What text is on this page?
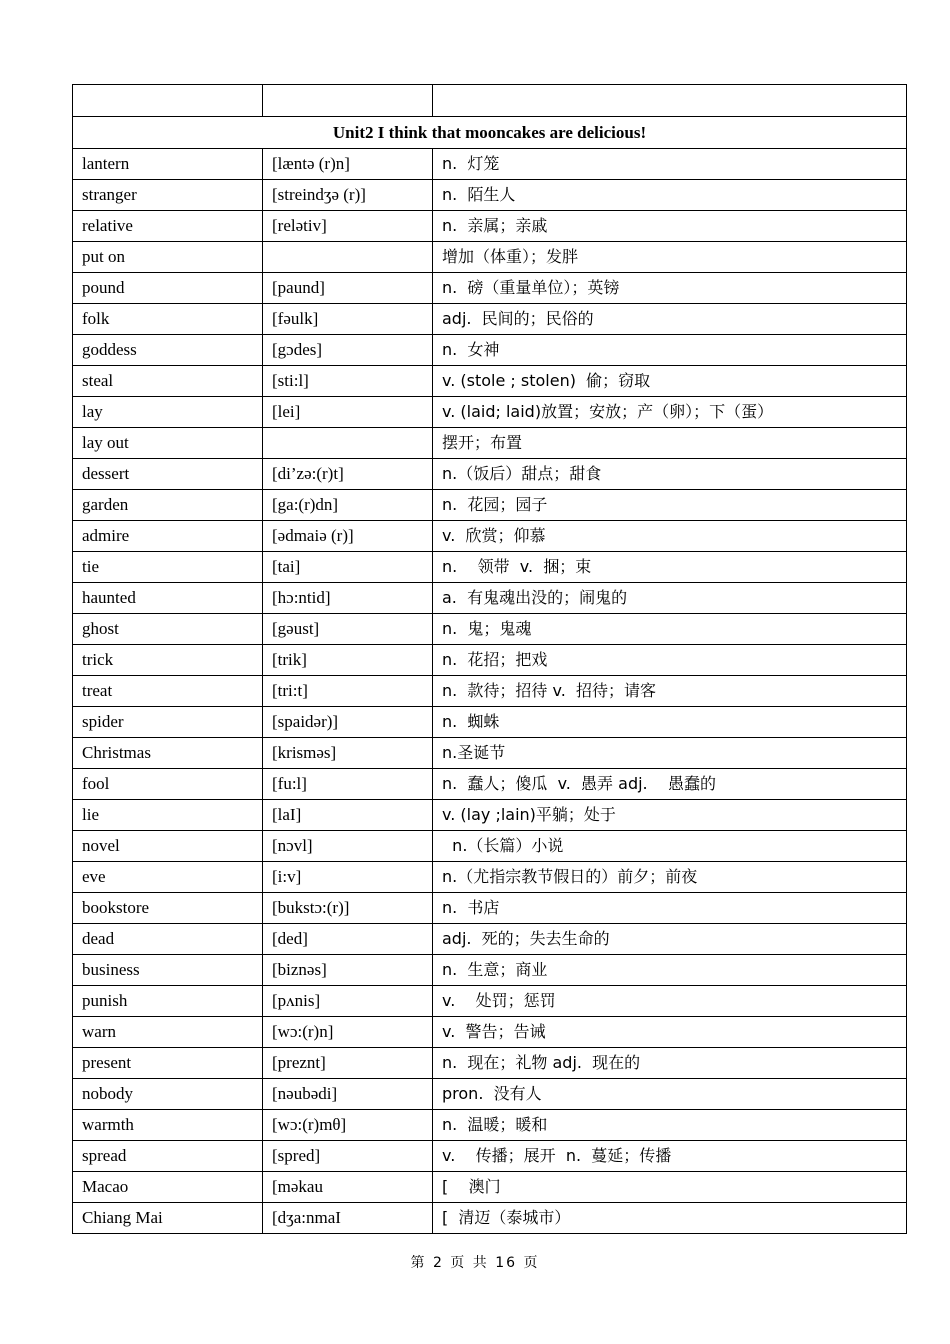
Unit2 I think that mooncakes are delicious!		
lantern	[læntə (r)n]	n.  灯笼
stranger	[streindʒə (r)]	n.  陌生人
relative	[relətiv]	n.  亲属；亲戚
put on		增加（体重）；发胖
pound	[paund]	n.  磅（重量单位）；英镑
folk	[fəulk]	adj.  民间的；民俗的
goddess	[gɔdes]	n.  女神
steal	[sti:l]	v. (stole ; stolen)  偷；窃取
lay	[lei]	v. (laid; laid)放置；安放；产（卵）；下（蛋）
lay out		摆开；布置
dessert	[di’zə:(r)t]	n.（饭后）甜点；甜食
garden	[ga:(r)dn]	n.  花园；园子
admire	[ədmaiə (r)]	v.  欣赏；仰慕
tie	[tai]	n.    领带  v.  捆；束
haunted	[hɔ:ntid]	a.  有鬼魂出没的；闹鬼的
ghost	[gəust]	n.  鬼；鬼魂
trick	[trik]	n.  花招；把戏
treat	[tri:t]	n.  款待；招待 v.  招待；请客
spider	[spaidər)]	n.  蜘蛛
Christmas	[krisməs]	n.圣诞节
fool	[fu:l]	n.  蠢人；傻瓜  v.  愚弄 adj.    愚蠢的
lie	[laI]	v. (lay ;lain)平躺；处于
novel	[nɔvl]	n.（长篇）小说
eve	[i:v]	n.（尤指宗教节假日的）前夕；前夜
bookstore	[bukstɔ:(r)]	n.  书店
dead	[ded]	adj.  死的；失去生命的
business	[biznəs]	n.  生意；商业
punish	[pʌnis]	v.    处罚；惩罚
warn	[wɔ:(r)n]	v.  警告；告诫
present	[preznt]	n.  现在；礼物 adj.  现在的
nobody	[nəubədi]	pron.  没有人
warmth	[wɔ:(r)mθ]	n.  温暖；暖和
spread	[spred]	v.    传播；展开  n.  蔓延；传播
Macao	[məkau	[    澳门
Chiang Mai	[dʒa:nmaI	[  清迈（泰城市）
第 2 页 共 16 页
